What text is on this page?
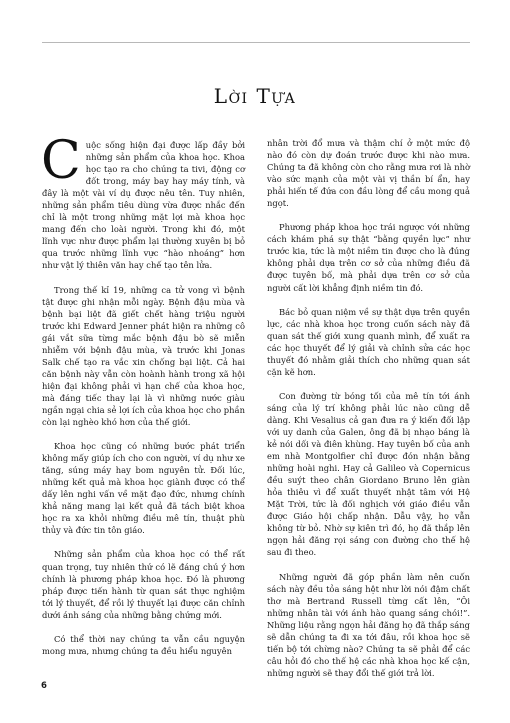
Lời Tựa

Cuộc sống hiện đại được lấp đầy bởi những sản phẩm của khoa học. Khoa học tạo ra cho chúng ta tivi, động cơ đốt trong, máy bay hay máy tính, và đây là một vài ví dụ được nêu tên. Tuy nhiên, những sản phẩm tiêu dùng vừa được nhắc đến chỉ là một trong những mặt lợi mà khoa học mang đến cho loài người. Trong khi đó, một lĩnh vực như được phẩm lại thường xuyên bị bỏ qua trước những lĩnh vực “hào nhoáng” hơn như vật lý thiên văn hay chế tạo tên lửa.

Trong thế kỉ 19, những ca tử vong vì bệnh tật được ghi nhận mỗi ngày. Bệnh đậu mùa và bệnh bại liệt đã giết chết hàng triệu người trước khi Edward Jenner phát hiện ra những cô gái vắt sữa từng mắc bệnh đậu bò sẽ miễn nhiễm với bệnh đậu mùa, và trước khi Jonas Salk chế tạo ra vắc xin chống bại liệt. Cả hai căn bệnh này vẫn còn hoành hành trong xã hội hiện đại không phải vì hạn chế của khoa học, mà đáng tiếc thay lại là vì những nước giàu ngần ngại chia sẻ lợi ích của khoa học cho phần còn lại nghèo khó hơn của thế giới.

Khoa học cũng có những bước phát triển không mấy giúp ích cho con người, ví dụ như xe tăng, súng máy hay bom nguyên tử. Đối lúc, những kết quả mà khoa học giành được có thể dấy lên nghi vấn về mặt đạo đức, nhưng chính khả năng mang lại kết quả đã tách biệt khoa học ra xa khỏi những điều mê tín, thuật phù thủy và đức tin tôn giáo.

Những sản phẩm của khoa học có thể rất quan trọng, tuy nhiên thứ có lẽ đáng chú ý hơn chính là phương pháp khoa học. Đó là phương pháp được tiến hành từ quan sát thực nghiệm tới lý thuyết, để rồi lý thuyết lại được căn chỉnh dưới ánh sáng của những bằng chứng mới.

Có thể thời nay chúng ta vẫn cầu nguyện mong mưa, nhưng chúng ta đều hiểu nguyên

nhân trời đổ mưa và thậm chí ở một mức độ nào đó còn dự đoán trước được khi nào mưa. Chúng ta đã không còn cho rằng mưa rơi là nhờ vào sức mạnh của một vài vị thần bí ẩn, hay phải hiến tế đứa con đầu lòng để cầu mong quả ngọt.

Phương pháp khoa học trái ngược với những cách khám phá sự thật “bằng quyền lực” như trước kia, tức là một niềm tin được cho là đúng không phải dựa trên cơ sở của những điều đã được tuyên bố, mà phải dựa trên cơ sở của người cất lời khẳng định niềm tin đó.

Bác bỏ quan niệm về sự thật dựa trên quyền lực, các nhà khoa học trong cuốn sách này đã quan sát thế giới xung quanh mình, để xuất ra các học thuyết để lý giải và chỉnh sửa các học thuyết đó nhằm giải thích cho những quan sát cặn kẽ hơn.

Con đường từ bóng tối của mê tín tới ánh sáng của lý trí không phải lúc nào cũng dễ dàng. Khi Vesalius cả gan đưa ra ý kiến đối lập với uy danh của Galen, ông đã bị nhạo báng là kẻ nói dối và điên khùng. Hay tuyên bố của anh em nhà Montgolfier chỉ được đón nhận bằng những hoài nghi. Hay cả Galileo và Copernicus đều suýt theo chân Giordano Bruno lên giàn hỏa thiêu vì để xuất thuyết nhật tâm với Hệ Mặt Trời, tức là đối nghịch với giáo điều vẫn được Giáo hội chấp nhận. Dẫu vậy, họ vẫn không từ bỏ. Nhờ sự kiên trì đó, họ đã thắp lên ngọn hải đăng rọi sáng con đường cho thế hệ sau đi theo.

Những người đã góp phần làm nên cuốn sách này đều tỏa sáng hệt như lời nói đậm chất thơ mà Bertrand Russell từng cất lên, “Ôi những nhân tài với ánh hào quang sáng chói!”. Những liệu rằng ngọn hải đăng họ đã thắp sáng sẽ dẫn chúng ta đi xa tới đâu, rồi khoa học sẽ tiến bộ tới chừng nào? Chúng ta sẽ phải để các câu hỏi đó cho thế hệ các nhà khoa học kế cận, những người sẽ thay đổi thế giới trả lời.

6
